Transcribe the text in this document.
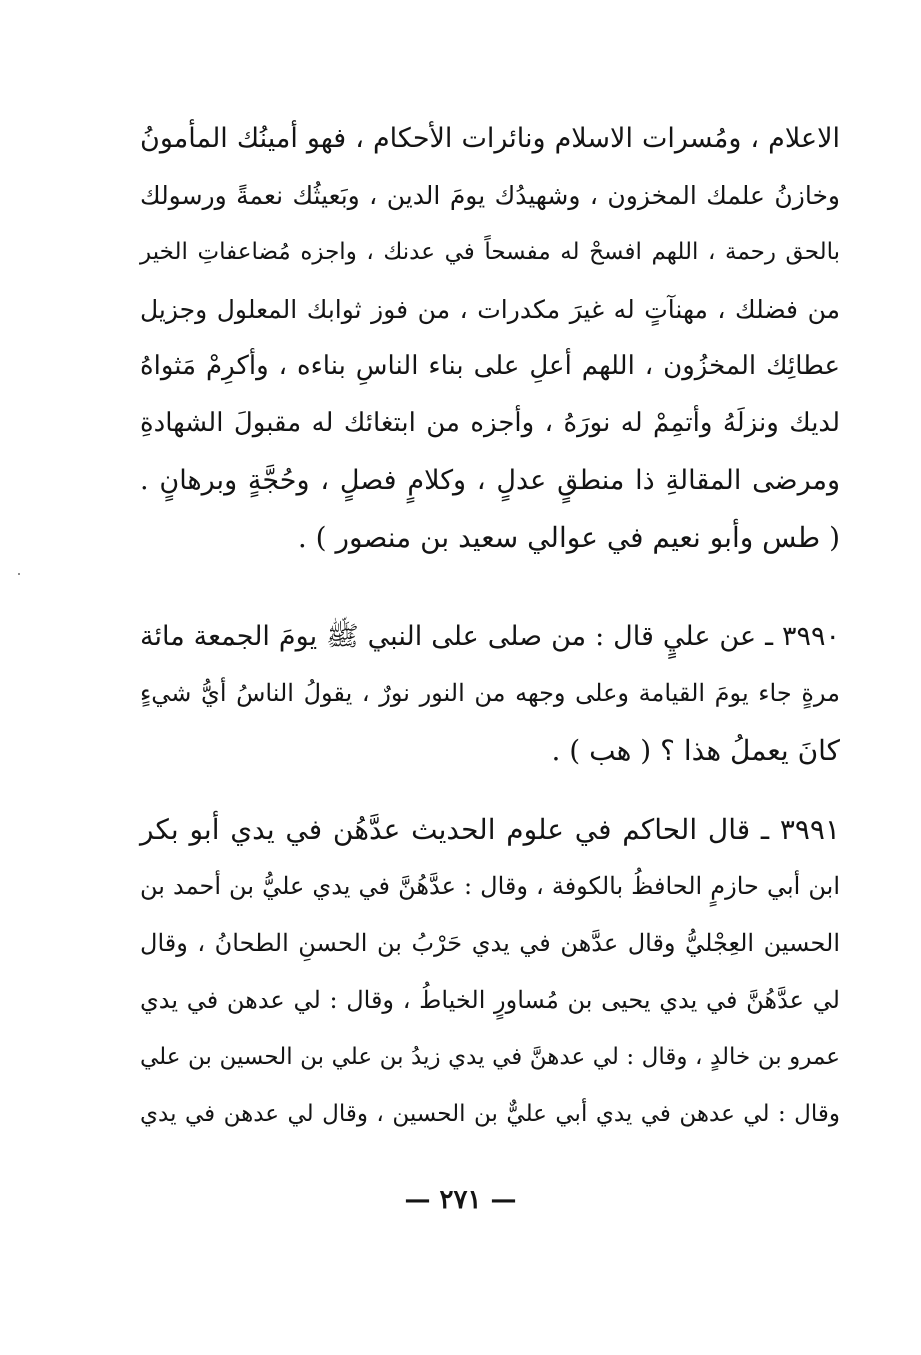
الاعلام ، ومُسرات الاسلام ونائرات الأحكام ، فهو أمينُك المأمونُ
وخازنُ علمك المخزون ، وشهيدُك يومَ الدين ، وبَعيثُك نعمةً ورسولك
بالحق رحمة ، اللهم افسحْ له مفسحاً في عدنك ، واجزه مُضاعفاتِ الخير
من فضلك ، مهنآتٍ له غيرَ مكدرات ، من فوز ثوابك المعلول وجزيل
عطائِك المخزُون ، اللهم أعلِ على بناء الناسِ بناءه ، وأكرِمْ مَثواهُ
لديك ونزلَهُ وأتمِمْ له نورَهُ ، وأجزه من ابتغائك له مقبولَ الشهادةِ
ومرضى المقالةِ ذا منطقٍ عدلٍ ، وكلامٍ فصلٍ ، وحُجَّةٍ وبرهانٍ .
( طس وأبو نعيم في عوالي سعيد بن منصور ) .
٣٩٩٠ ـ عن عليٍ قال : من صلى على النبي ﷺ يومَ الجمعة مائة
مرةٍ جاء يومَ القيامة وعلى وجهه من النور نورٌ ، يقولُ الناسُ أيُّ شيءٍ
كانَ يعملُ هذا ؟ ( هب ) .
٣٩٩١ ـ قال الحاكم في علوم الحديث عدَّهُن في يدي أبو بكر
ابن أبي حازمٍ الحافظُ بالكوفة ، وقال : عدَّهُنَّ في يدي عليُّ بن أحمد بن
الحسين العِجْليُّ وقال عدَّهن في يدي حَرْبُ بن الحسنِ الطحانُ ، وقال
لي عدَّهُنَّ في يدي يحيى بن مُساورٍ الخياطُ ، وقال : لي عدهن في يدي
عمرو بن خالدٍ ، وقال : لي عدهنَّ في يدي زيدُ بن علي بن الحسين بن علي
وقال : لي عدهن في يدي أبي عليٌّ بن الحسين ، وقال لي عدهن في يدي
— ٢٧١ —
